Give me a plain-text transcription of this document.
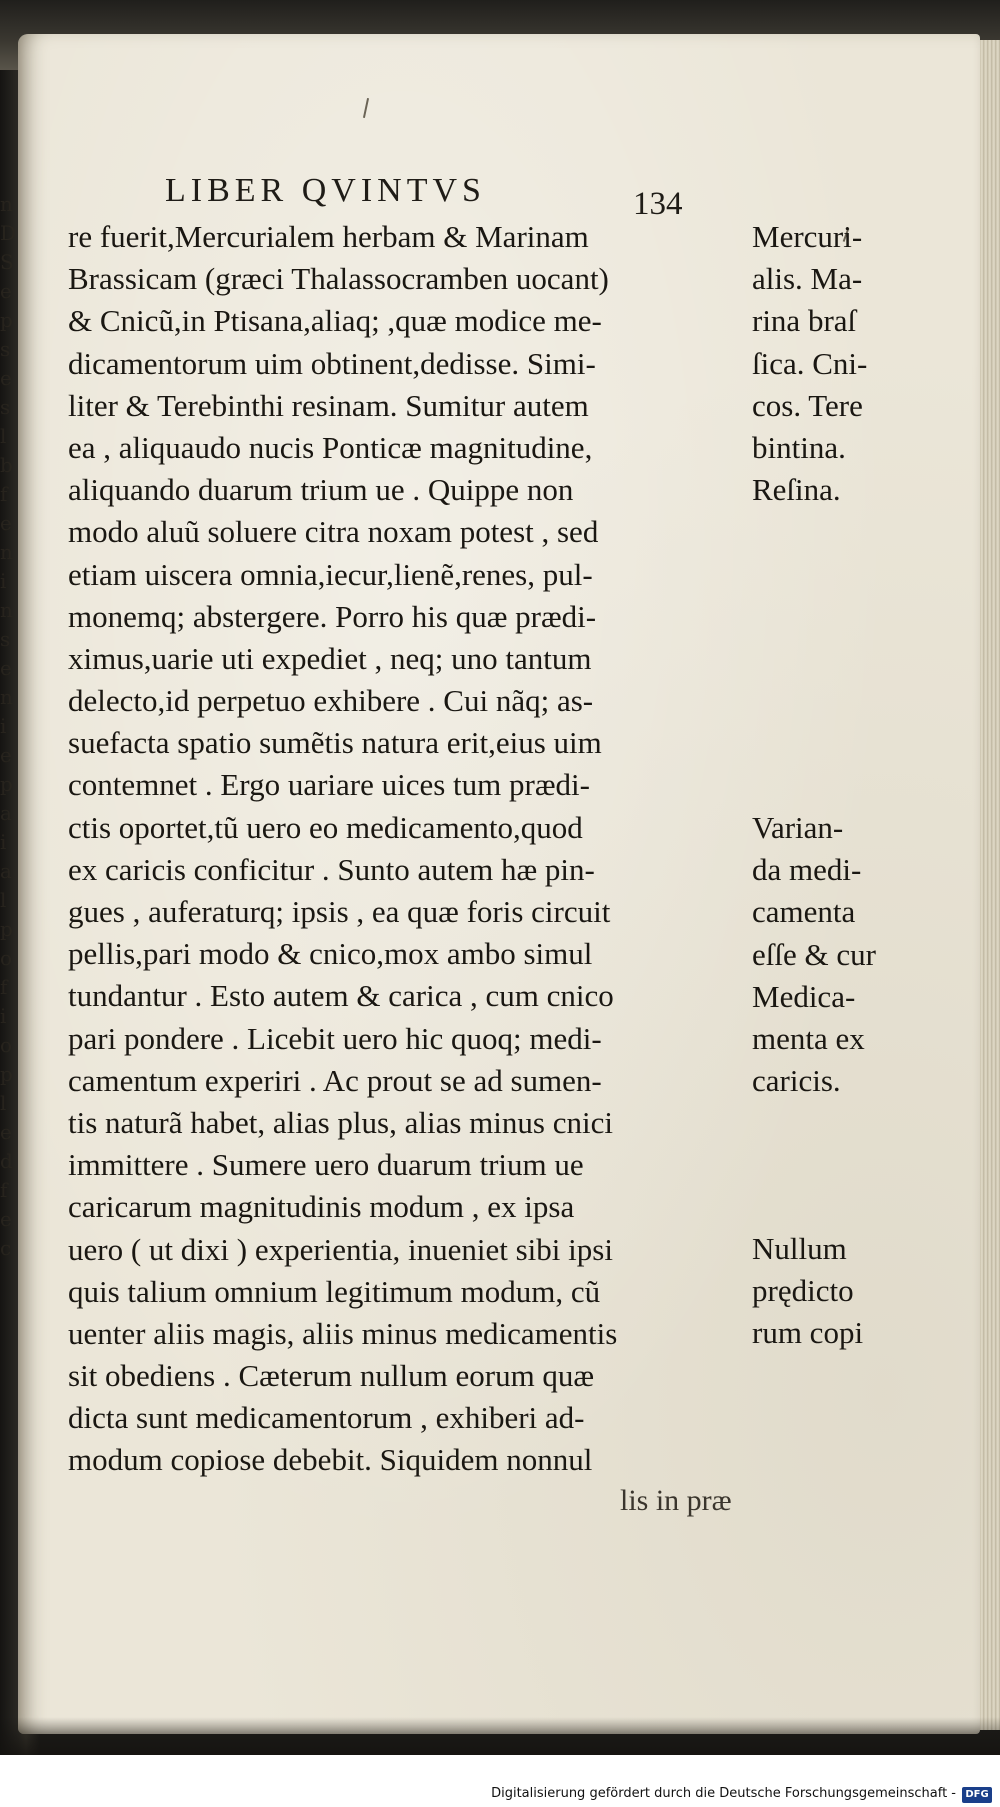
n
D
S
e
p
s
e
s
l
b
f
e
n
i
n
s
e
n
i
e
p
a
i
a
l
p
o
f
i
o
p
l
e
d
f
e
c
LIBER QVINTVS	134
re fuerit,Mercurialem herbam & Marinam
Brassicam (græci Thalassocramben uocant)
& Cnicũ,in Ptisana,aliaq; ,quæ modice me-
dicamentorum uim obtinent,dedisse. Simi-
liter & Terebinthi resinam. Sumitur autem
ea , aliquaudo nucis Ponticæ magnitudine,
aliquando duarum trium ue . Quippe non
modo aluũ soluere citra noxam potest , sed
etiam uiscera omnia,iecur,lienẽ,renes, pul-
monemq; abstergere. Porro his quæ prædi-
ximus,uarie uti expediet , neq; uno tantum
delecto,id perpetuo exhibere . Cui nãq; as-
suefacta spatio sumẽtis natura erit,eius uim
contemnet . Ergo uariare uices tum prædi-
ctis oportet,tũ uero eo medicamento,quod
ex caricis conficitur . Sunto autem hæ pin-
gues , auferaturq; ipsis , ea quæ foris circuit
pellis,pari modo & cnico,mox ambo simul
tundantur . Esto autem & carica , cum cnico
pari pondere . Licebit uero hic quoq; medi-
camentum experiri . Ac prout se ad sumen-
tis naturã habet, alias plus, alias minus cnici
immittere . Sumere uero duarum trium ue
caricarum magnitudinis modum , ex ipsa
uero ( ut dixi ) experientia, inueniet sibi ipsi
quis talium omnium legitimum modum, cũ
uenter aliis magis, aliis minus medicamentis
sit obediens . Cæterum nullum eorum quæ
dicta sunt medicamentorum , exhiberi ad-
modum copiose debebit. Siquidem nonnul
Mercuri-
alis. Ma-
rina braſ
ſica. Cni-
cos. Tere
bintina.
Reſina.
Varian-
da medi-
camenta
eſſe & cur
Medica-
menta ex
caricis.
Nullum
prędicto
rum copi
lis in præ
Digitalisierung gefördert durch die Deutsche Forschungsgemeinschaft - DFG
